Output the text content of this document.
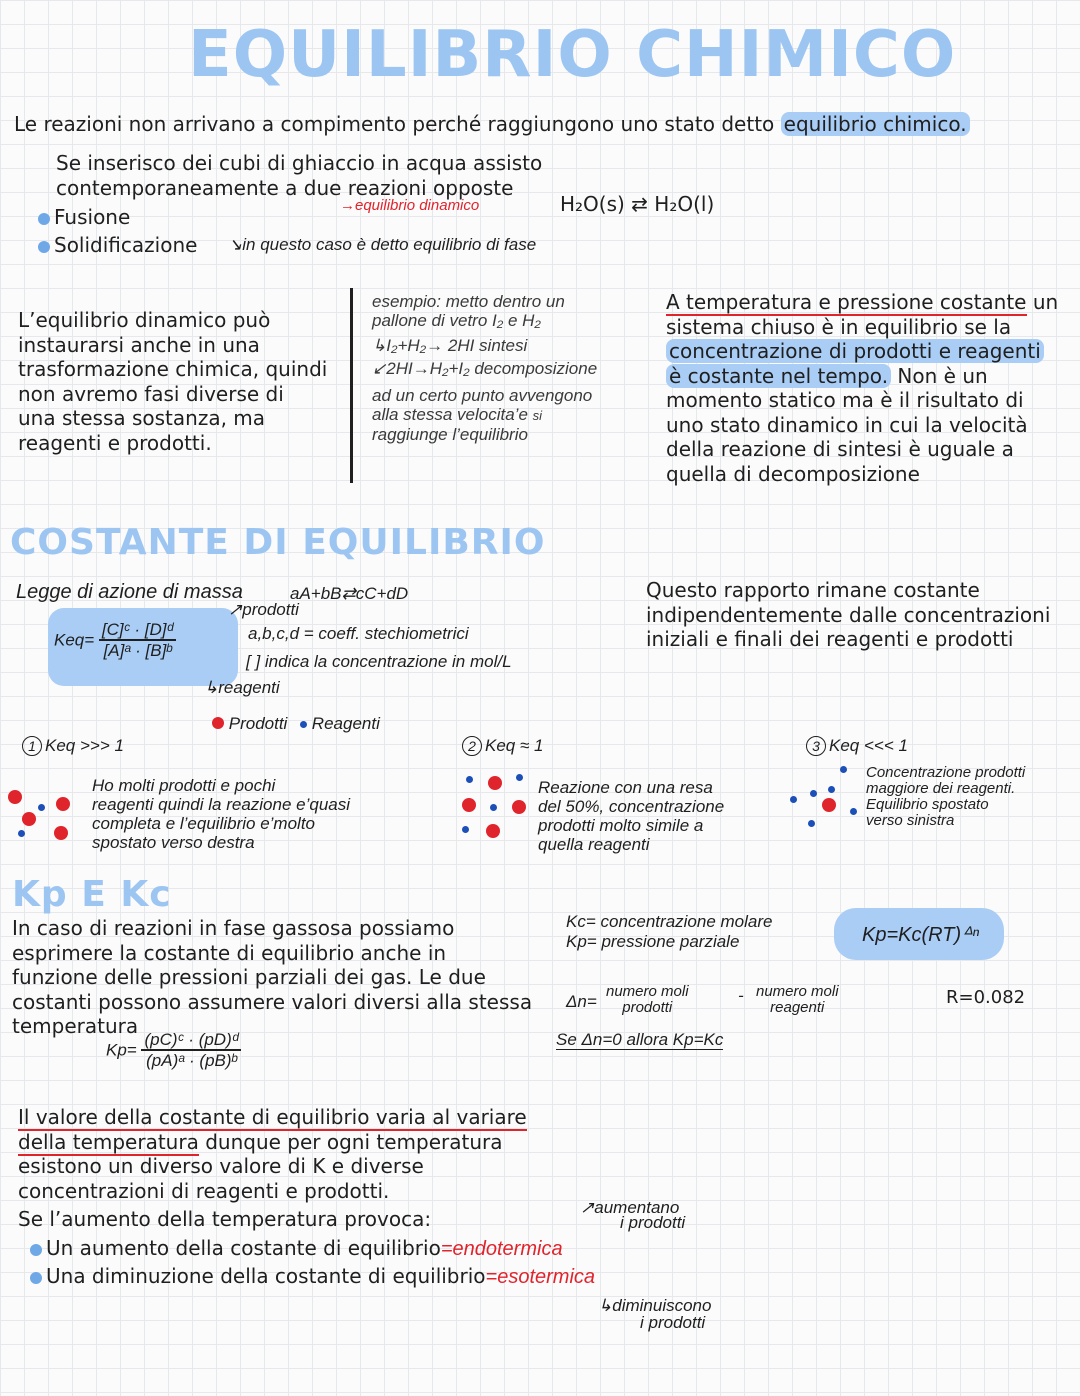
EQUILIBRIO CHIMICO
Le reazioni non arrivano a compimento perché raggiungono uno stato detto equilibrio chimico.
Se inserisco dei cubi di ghiaccio in acqua assisto
contemporaneamente a due reazioni opposte
→equilibrio dinamico	H₂O(s) ⇄ H₂O(l)
Fusione
Solidificazione ↘in questo caso è detto equilibrio di fase
L’equilibrio dinamico può
instaurarsi anche in una
trasformazione chimica, quindi
non avremo fasi diverse di
una stessa sostanza, ma
reagenti e prodotti.
esempio: metto dentro un
pallone di vetro I₂ e H₂
↳I₂+H₂→ 2HI sintesi
↙2HI→H₂+I₂ decomposizione
ad un certo punto avvengono
alla stessa velocita’e si
raggiunge l’equilibrio
A temperatura e pressione costante un
sistema chiuso è in equilibrio se la
concentrazione di prodotti e reagenti
è costante nel tempo. Non è un
momento statico ma è il risultato di
uno stato dinamico in cui la velocità
della reazione di sintesi è uguale a
quella di decomposizione
COSTANTE DI EQUILIBRIO
Legge di azione di massa	aA+bB⇄cC+dD
$Keq= \frac{\text{[C]ᶜ · [D]ᵈ}}{\text{[A]ᵃ · [B]ᵇ}}$
↗prodotti
a,b,c,d = coeff. stechiometrici
[ ] indica la concentrazione in mol/L
↳reagenti
Prodotti Reagenti
Questo rapporto rimane costante
indipendentemente dalle concentrazioni
iniziali e finali dei reagenti e prodotti
1 Keq >>> 1
Ho molti prodotti e pochi
reagenti quindi la reazione e’quasi
completa e l’equilibrio e’molto
spostato verso destra
2 Keq ≈ 1
Reazione con una resa
del 50%, concentrazione
prodotti molto simile a
quella reagenti
3 Keq <<< 1
Concentrazione prodotti
maggiore dei reagenti.
Equilibrio spostato
verso sinistra
Kp E Kc
In caso di reazioni in fase gassosa possiamo
esprimere la costante di equilibrio anche in
funzione delle pressioni parziali dei gas. Le due
costanti possono assumere valori diversi alla stessa
temperatura
$Kp= \frac{\text{(pC)ᶜ · (pD)ᵈ}}{\text{(pA)ᵃ · (pB)ᵇ}}$
Kc= concentrazione molare
Kp= pressione parziale	Kp=Kc(RT)ᐞⁿ
Δn=
numero moli
prodotti
- numero moli
reagenti	R=0.082
Se Δn=0 allora Kp=Kc
Il valore della costante di equilibrio varia al variare
della temperatura dunque per ogni temperatura
esistono un diverso valore di K e diverse
concentrazioni di reagenti e prodotti.
Se l’aumento della temperatura provoca:
Un aumento della costante di equilibrio=endotermica
Una diminuzione della costante di equilibrio=esotermica
↗aumentano
i prodotti
↳diminuiscono
i prodotti
